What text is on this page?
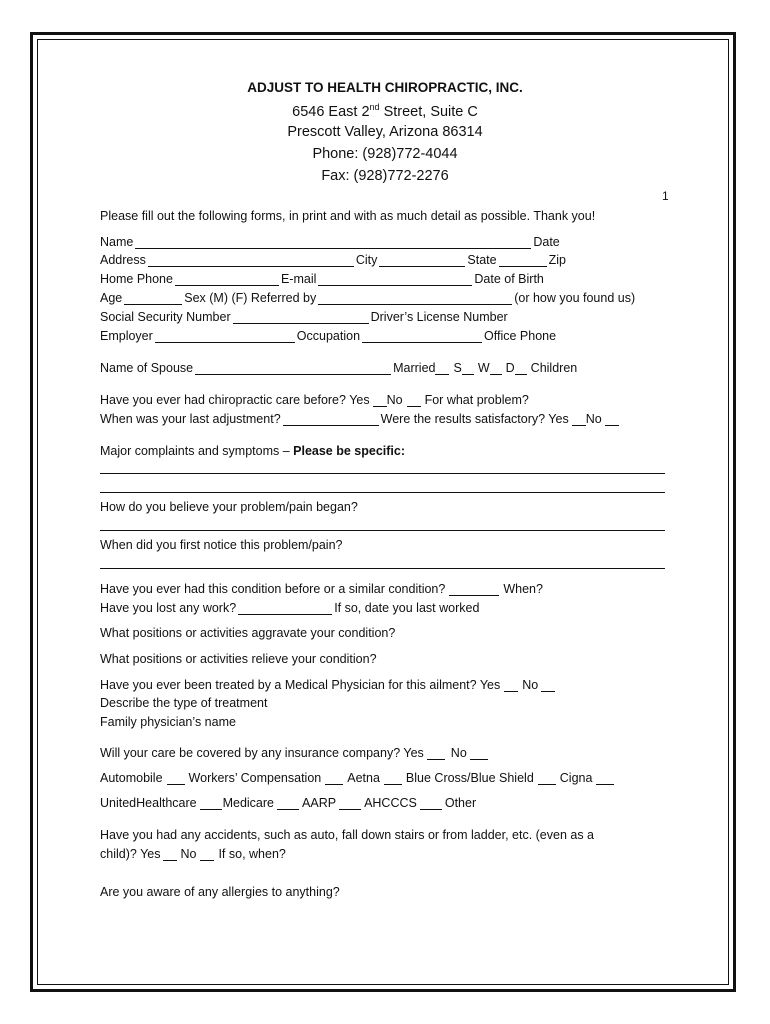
ADJUST TO HEALTH CHIROPRACTIC, INC.
6546 East 2nd Street, Suite C
Prescott Valley, Arizona 86314
Phone: (928)772-4044
Fax: (928)772-2276
1
Please fill out the following forms, in print and with as much detail as possible. Thank you!
Name	Date
Address	City	State	Zip
Home Phone	E-mail	Date of Birth
Age	Sex (M) (F) Referred by	(or how you found us)
Social Security Number	Driver’s License Number
Employer	Occupation	Office Phone
Name of Spouse	Married S W D Children
Have you ever had chiropractic care before? Yes No For what problem?
When was your last adjustment?	Were the results satisfactory? Yes No
Major complaints and symptoms –
Please be specific:
How do you believe your problem/pain began?
When did you first notice this problem/pain?
Have you ever had this condition before or a similar condition?	When?
Have you lost any work?	If so, date you last worked
What positions or activities aggravate your condition?
What positions or activities relieve your condition?
Have you ever been treated by a Medical Physician for this ailment? Yes No
Describe the type of treatment
Family physician’s name
Will your care be covered by any insurance company? Yes No
Automobile Workers’ Compensation Aetna Blue Cross/Blue Shield Cigna
UnitedHealthcare Medicare AARP AHCCCS Other
Have you had any accidents, such as auto, fall down stairs or from ladder, etc. (even as a
child)? Yes No If so, when?
Are you aware of any allergies to anything?
